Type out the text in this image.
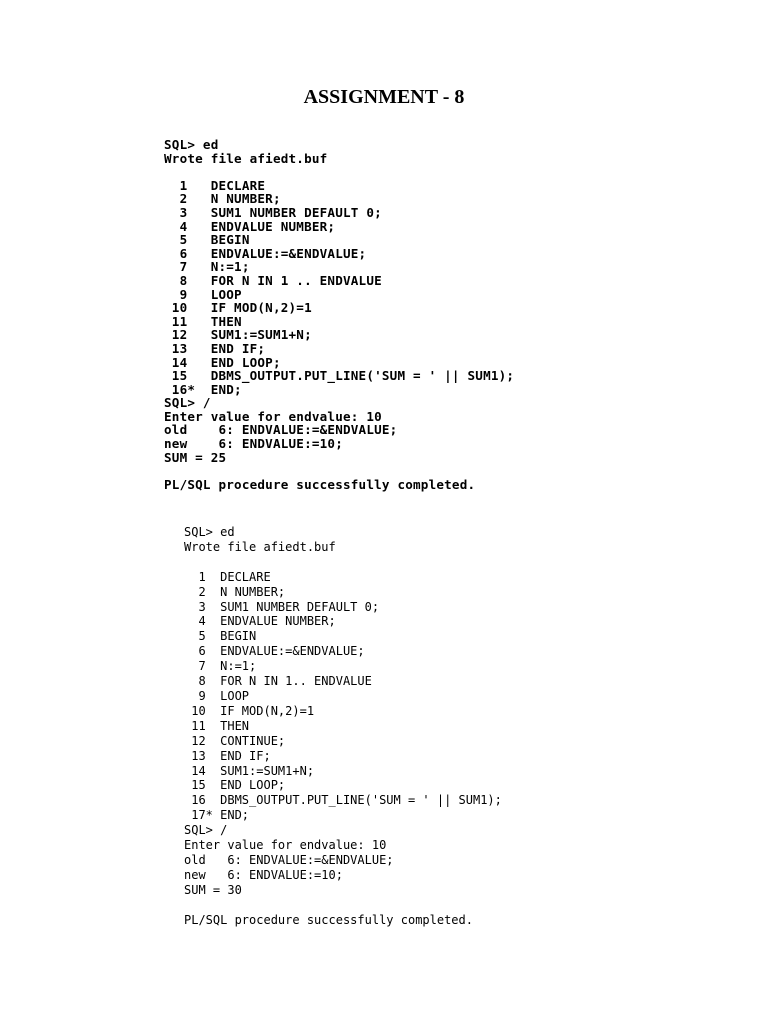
ASSIGNMENT - 8
SQL> ed
Wrote file afiedt.buf

1   DECLARE
2   N NUMBER;
3   SUM1 NUMBER DEFAULT 0;
4   ENDVALUE NUMBER;
5   BEGIN
6   ENDVALUE:=&ENDVALUE;
7   N:=1;
8   FOR N IN 1 .. ENDVALUE
9   LOOP
10   IF MOD(N,2)=1
11   THEN
12   SUM1:=SUM1+N;
13   END IF;
14   END LOOP;
15   DBMS_OUTPUT.PUT_LINE('SUM = ' || SUM1);
16*  END;
SQL> /
Enter value for endvalue: 10
old    6: ENDVALUE:=&ENDVALUE;
new    6: ENDVALUE:=10;
SUM = 25

PL/SQL procedure successfully completed.
SQL> ed
Wrote file afiedt.buf

1  DECLARE
2  N NUMBER;
3  SUM1 NUMBER DEFAULT 0;
4  ENDVALUE NUMBER;
5  BEGIN
6  ENDVALUE:=&ENDVALUE;
7  N:=1;
8  FOR N IN 1.. ENDVALUE
9  LOOP
10  IF MOD(N,2)=1
11  THEN
12  CONTINUE;
13  END IF;
14  SUM1:=SUM1+N;
15  END LOOP;
16  DBMS_OUTPUT.PUT_LINE('SUM = ' || SUM1);
17* END;
SQL> /
Enter value for endvalue: 10
old   6: ENDVALUE:=&ENDVALUE;
new   6: ENDVALUE:=10;
SUM = 30

PL/SQL procedure successfully completed.
